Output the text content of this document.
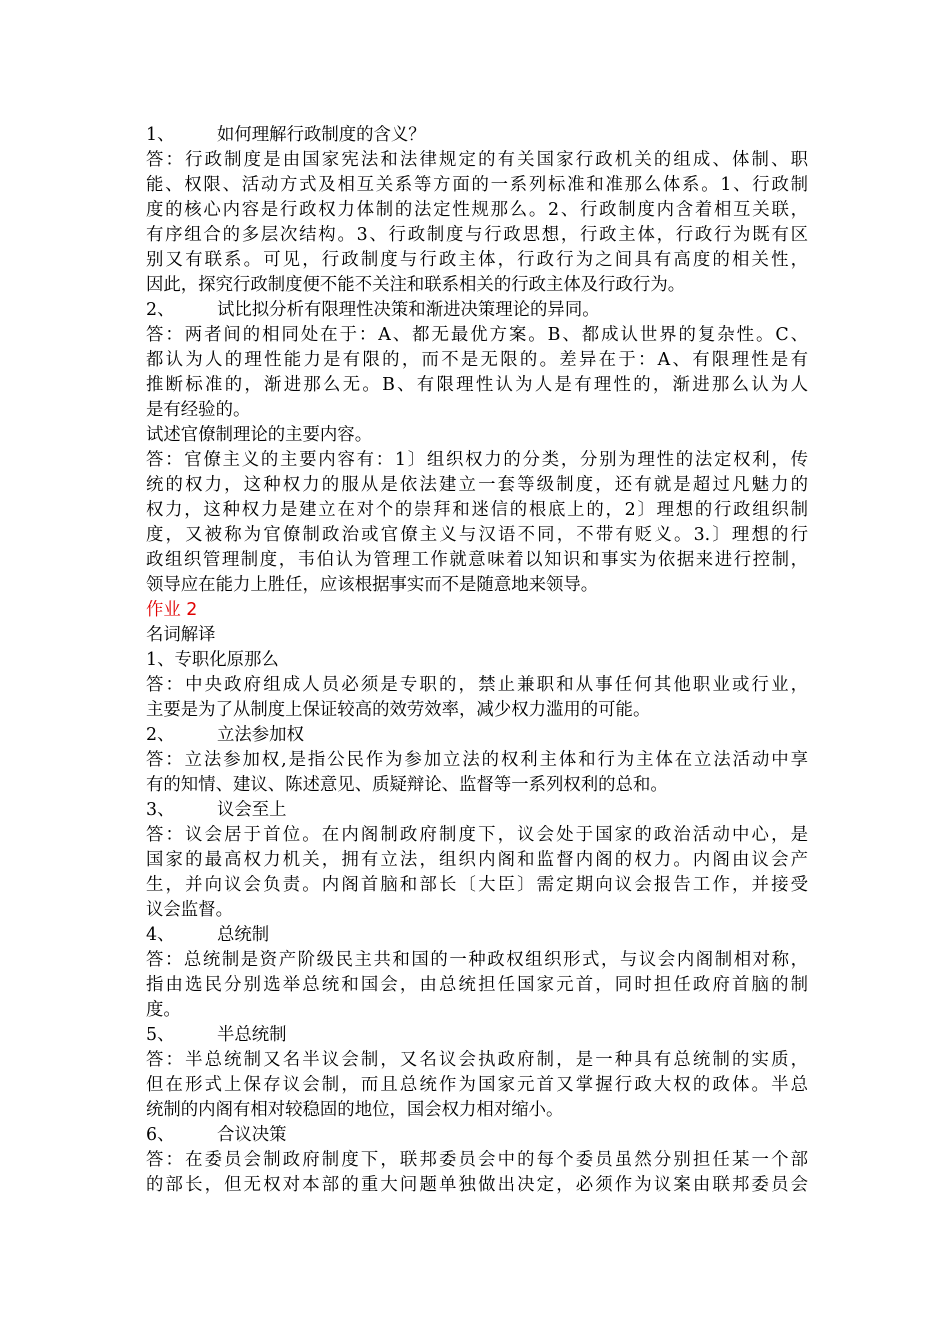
1、 如何理解行政制度的含义？
答：行政制度是由国家宪法和法律规定的有关国家行政机关的组成、体制、职
能、权限、活动方式及相互关系等方面的一系列标准和准那么体系。1、行政制
度的核心内容是行政权力体制的法定性规那么。2、行政制度内含着相互关联，
有序组合的多层次结构。3、行政制度与行政思想，行政主体，行政行为既有区
别又有联系。可见，行政制度与行政主体，行政行为之间具有高度的相关性，
因此，探究行政制度便不能不关注和联系相关的行政主体及行政行为。
2、 试比拟分析有限理性决策和渐进决策理论的异同。
答：两者间的相同处在于：A、都无最优方案。B、都成认世界的复杂性。C、
都认为人的理性能力是有限的，而不是无限的。差异在于：A、有限理性是有
推断标准的，渐进那么无。B、有限理性认为人是有理性的，渐进那么认为人
是有经验的。
试述官僚制理论的主要内容。
答：官僚主义的主要内容有：1〕组织权力的分类，分别为理性的法定权利，传
统的权力，这种权力的服从是依法建立一套等级制度，还有就是超过凡魅力的
权力，这种权力是建立在对个的崇拜和迷信的根底上的，2〕理想的行政组织制
度，又被称为官僚制政治或官僚主义与汉语不同，不带有贬义。3.〕理想的行
政组织管理制度，韦伯认为管理工作就意味着以知识和事实为依据来进行控制，
领导应在能力上胜任，应该根据事实而不是随意地来领导。
作业 2
名词解译
1、专职化原那么
答：中央政府组成人员必须是专职的，禁止兼职和从事任何其他职业或行业，
主要是为了从制度上保证较高的效劳效率，减少权力滥用的可能。
2、 立法参加权
答：立法参加权,是指公民作为参加立法的权利主体和行为主体在立法活动中享
有的知情、建议、陈述意见、质疑辩论、监督等一系列权利的总和。
3、 议会至上
答：议会居于首位。在内阁制政府制度下，议会处于国家的政治活动中心，是
国家的最高权力机关，拥有立法，组织内阁和监督内阁的权力。内阁由议会产
生，并向议会负责。内阁首脑和部长〔大臣〕需定期向议会报告工作，并接受
议会监督。
4、 总统制
答：总统制是资产阶级民主共和国的一种政权组织形式，与议会内阁制相对称，
指由选民分别选举总统和国会，由总统担任国家元首，同时担任政府首脑的制
度。
5、 半总统制
答：半总统制又名半议会制，又名议会执政府制，是一种具有总统制的实质，
但在形式上保存议会制，而且总统作为国家元首又掌握行政大权的政体。半总
统制的内阁有相对较稳固的地位，国会权力相对缩小。
6、 合议决策
答：在委员会制政府制度下，联邦委员会中的每个委员虽然分别担任某一个部
的部长，但无权对本部的重大问题单独做出决定，必须作为议案由联邦委员会
